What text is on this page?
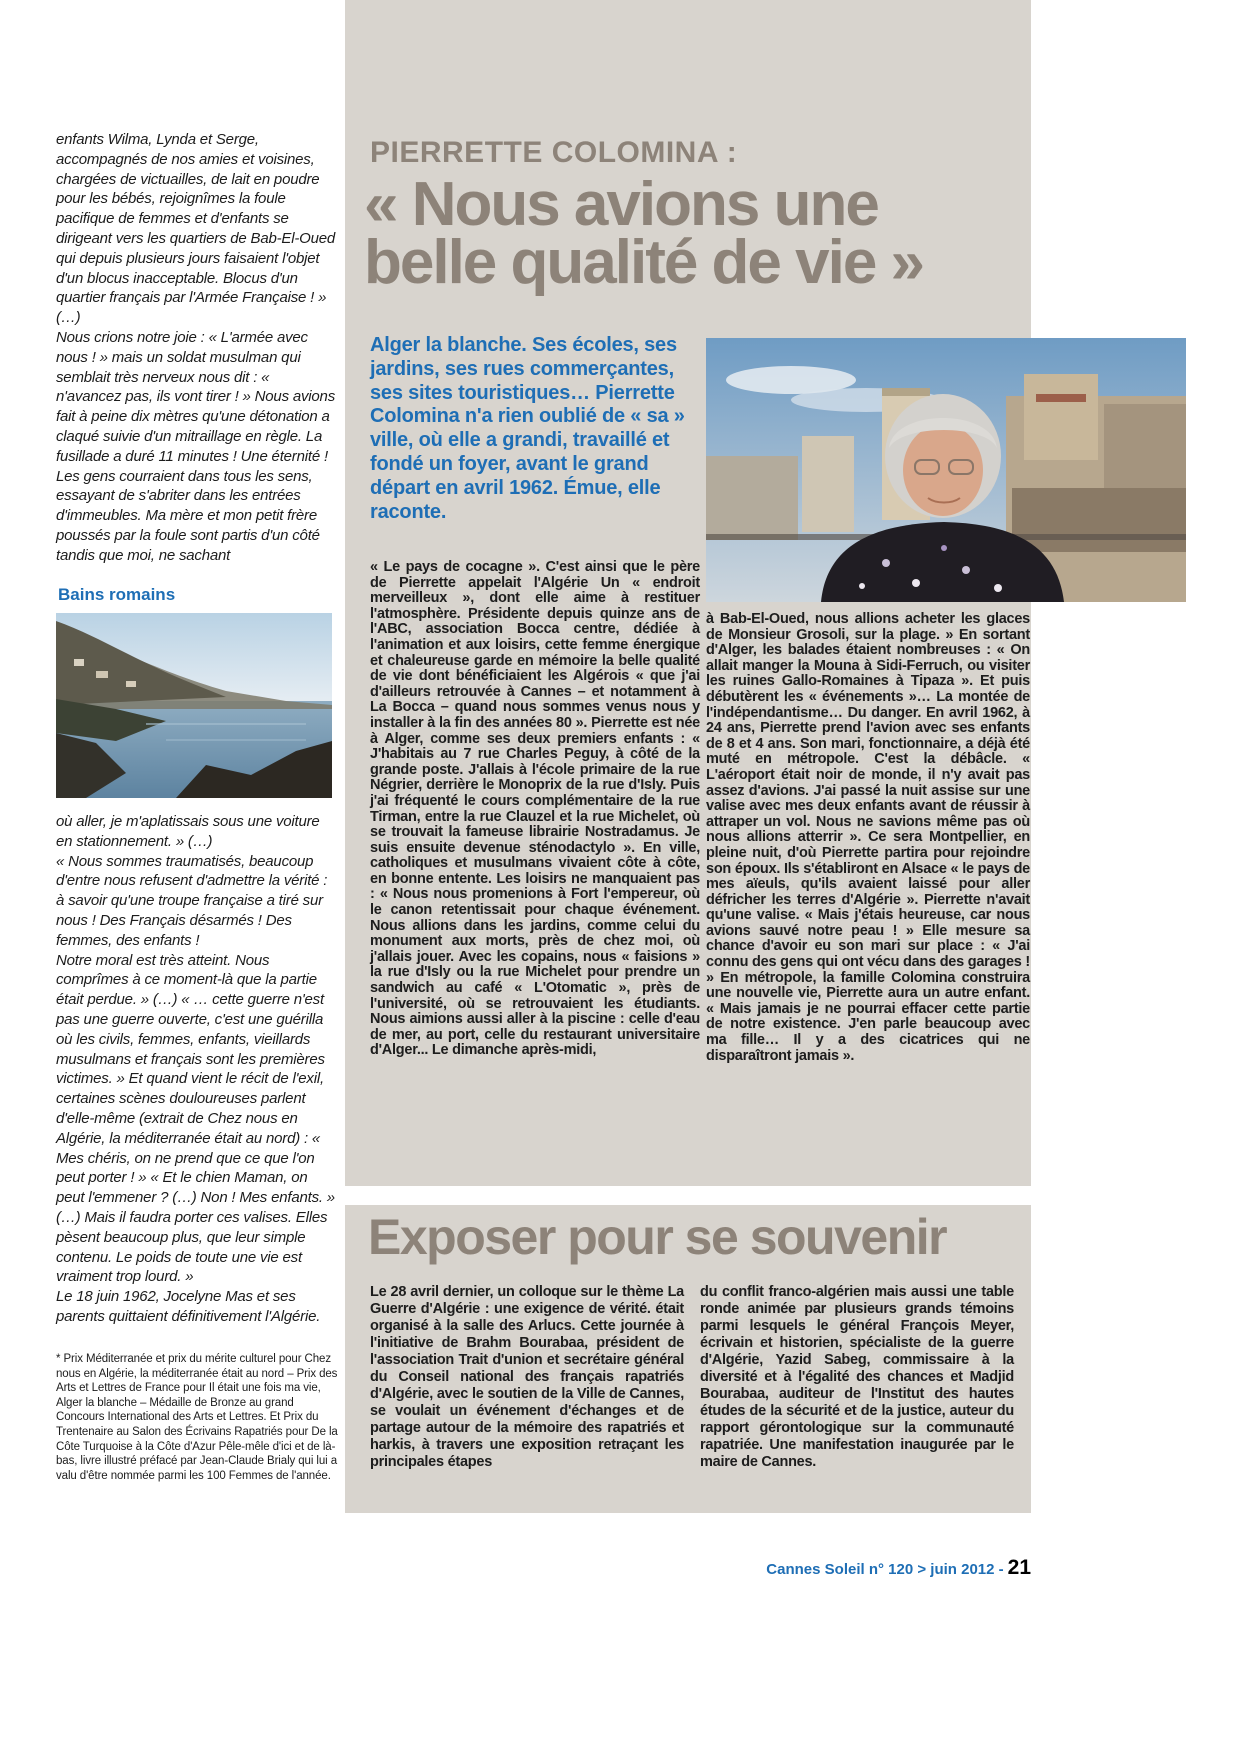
enfants Wilma, Lynda et Serge, accompagnés de nos amies et voisines, chargées de victuailles, de lait en poudre pour les bébés, rejoignîmes la foule pacifique de femmes et d'enfants se dirigeant vers les quartiers de Bab-El-Oued qui depuis plusieurs jours faisaient l'objet d'un blocus inacceptable. Blocus d'un quartier français par l'Armée Française ! » (…)

Nous crions notre joie : « L'armée avec nous ! » mais un soldat musulman qui semblait très nerveux nous dit : « n'avancez pas, ils vont tirer ! » Nous avions fait à peine dix mètres qu'une détonation a claqué suivie d'un mitraillage en règle. La fusillade a duré 11 minutes ! Une éternité ! Les gens courraient dans tous les sens, essayant de s'abriter dans les entrées d'immeubles. Ma mère et mon petit frère poussés par la foule sont partis d'un côté tandis que moi, ne sachant

Bains romains

où aller, je m'aplatissais sous une voiture en stationnement. » (…)

« Nous sommes traumatisés, beaucoup d'entre nous refusent d'admettre la vérité : à savoir qu'une troupe française a tiré sur nous ! Des Français désarmés ! Des femmes, des enfants !

Notre moral est très atteint. Nous comprîmes à ce moment-là que la partie était perdue. » (…) « … cette guerre n'est pas une guerre ouverte, c'est une guérilla où les civils, femmes, enfants, vieillards musulmans et français sont les premières victimes. » Et quand vient le récit de l'exil, certaines scènes douloureuses parlent d'elle-même (extrait de Chez nous en Algérie, la méditerranée était au nord) : « Mes chéris, on ne prend que ce que l'on peut porter ! » « Et le chien Maman, on peut l'emmener ? (…) Non ! Mes enfants. » (…) Mais il faudra porter ces valises. Elles pèsent beaucoup plus, que leur simple contenu. Le poids de toute une vie est vraiment trop lourd. »

Le 18 juin 1962, Jocelyne Mas et ses parents quittaient définitivement l'Algérie.

* Prix Méditerranée et prix du mérite culturel pour Chez nous en Algérie, la méditerranée était au nord – Prix des Arts et Lettres de France pour Il était une fois ma vie, Alger la blanche – Médaille de Bronze au grand Concours International des Arts et Lettres. Et Prix du Trentenaire au Salon des Écrivains Rapatriés pour De la Côte Turquoise à la Côte d'Azur Pêle-mêle d'ici et de là-bas, livre illustré préfacé par Jean-Claude Brialy qui lui a valu d'être nommée parmi les 100 Femmes de l'année.
PIERRETTE COLOMINA :
« Nous avions une
belle qualité de vie »
Alger la blanche. Ses écoles, ses jardins, ses rues commerçantes, ses sites touristiques… Pierrette Colomina n'a rien oublié de « sa » ville, où elle a grandi, travaillé et fondé un foyer, avant le grand départ en avril 1962. Émue, elle raconte.

« Le pays de cocagne ». C'est ainsi que le père de Pierrette appelait l'Algérie Un « endroit merveilleux », dont elle aime à restituer l'atmosphère. Présidente depuis quinze ans de l'ABC, association Bocca centre, dédiée à l'animation et aux loisirs, cette femme énergique et chaleureuse garde en mémoire la belle qualité de vie dont bénéficiaient les Algérois « que j'ai d'ailleurs retrouvée à Cannes – et notamment à La Bocca – quand nous sommes venus nous y installer à la fin des années 80 ». Pierrette est née à Alger, comme ses deux premiers enfants : « J'habitais au 7 rue Charles Peguy, à côté de la grande poste. J'allais à l'école primaire de la rue Négrier, derrière le Monoprix de la rue d'Isly. Puis j'ai fréquenté le cours complémentaire de la rue Tirman, entre la rue Clauzel et la rue Michelet, où se trouvait la fameuse librairie Nostradamus. Je suis ensuite devenue sténodactylo ». En ville, catholiques et musulmans vivaient côte à côte, en bonne entente. Les loisirs ne manquaient pas : « Nous nous promenions à Fort l'empereur, où le canon retentissait pour chaque événement. Nous allions dans les jardins, comme celui du monument aux morts, près de chez moi, où j'allais jouer. Avec les copains, nous « faisions » la rue d'Isly ou la rue Michelet pour prendre un sandwich au café « L'Otomatic », près de l'université, où se retrouvaient les étudiants. Nous aimions aussi aller à la piscine : celle d'eau de mer, au port, celle du restaurant universitaire d'Alger... Le dimanche après-midi,

à Bab-El-Oued, nous allions acheter les glaces de Monsieur Grosoli, sur la plage. » En sortant d'Alger, les balades étaient nombreuses : « On allait manger la Mouna à Sidi-Ferruch, ou visiter les ruines Gallo-Romaines à Tipaza ». Et puis débutèrent les « événements »… La montée de l'indépendantisme… Du danger. En avril 1962, à 24 ans, Pierrette prend l'avion avec ses enfants de 8 et 4 ans. Son mari, fonctionnaire, a déjà été muté en métropole. C'est la débâcle. « L'aéroport était noir de monde, il n'y avait pas assez d'avions. J'ai passé la nuit assise sur une valise avec mes deux enfants avant de réussir à attraper un vol. Nous ne savions même pas où nous allions atterrir ». Ce sera Montpellier, en pleine nuit, d'où Pierrette partira pour rejoindre son époux. Ils s'établiront en Alsace « le pays de mes aïeuls, qu'ils avaient laissé pour aller défricher les terres d'Algérie ». Pierrette n'avait qu'une valise. « Mais j'étais heureuse, car nous avions sauvé notre peau ! » Elle mesure sa chance d'avoir eu son mari sur place : « J'ai connu des gens qui ont vécu dans des garages ! » En métropole, la famille Colomina construira une nouvelle vie, Pierrette aura un autre enfant. « Mais jamais je ne pourrai effacer cette partie de notre existence. J'en parle beaucoup avec ma fille… Il y a des cicatrices qui ne disparaîtront jamais ».

Exposer pour se souvenir

Le 28 avril dernier, un colloque sur le thème La Guerre d'Algérie : une exigence de vérité. était organisé à la salle des Arlucs. Cette journée à l'initiative de Brahm Bourabaa, président de l'association Trait d'union et secrétaire général du Conseil national des français rapatriés d'Algérie, avec le soutien de la Ville de Cannes, se voulait un événement d'échanges et de partage autour de la mémoire des rapatriés et harkis, à travers une exposition retraçant les principales étapes

du conflit franco-algérien mais aussi une table ronde animée par plusieurs grands témoins parmi lesquels le général François Meyer, écrivain et historien, spécialiste de la guerre d'Algérie, Yazid Sabeg, commissaire à la diversité et à l'égalité des chances et Madjid Bourabaa, auditeur de l'Institut des hautes études de la sécurité et de la justice, auteur du rapport gérontologique sur la communauté rapatriée. Une manifestation inaugurée par le maire de Cannes.

Cannes Soleil n° 120 > juin 2012 - 21
